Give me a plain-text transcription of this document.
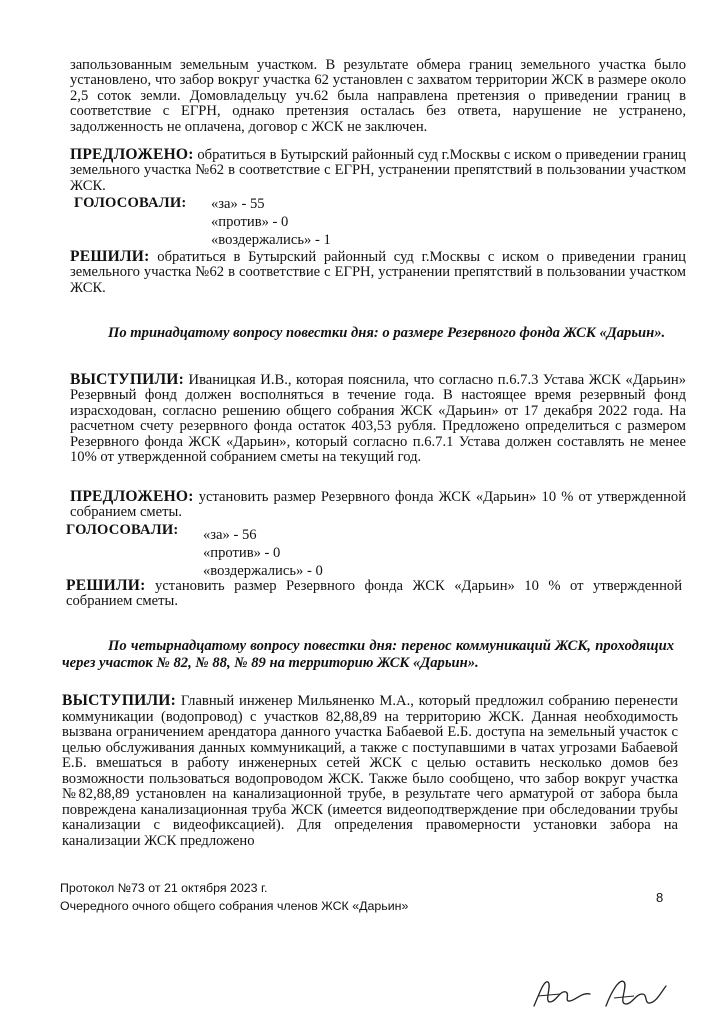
запользованным земельным участком. В результате обмера границ земельного участка было установлено, что забор вокруг участка 62 установлен с захватом территории ЖСК в размере около 2,5 соток земли. Домовладельцу уч.62 была направлена претензия о приведении границ в соответствие с ЕГРН, однако претензия осталась без ответа, нарушение не устранено, задолженность не оплачена, договор с ЖСК не заключен.
ПРЕДЛОЖЕНО: обратиться в Бутырский районный суд г.Москвы с иском о приведении границ земельного участка №62 в соответствие с ЕГРН, устранении препятствий в пользовании участком ЖСК.
ГОЛОСОВАЛИ: «за» - 55
«против» - 0
«воздержались» - 1
РЕШИЛИ: обратиться в Бутырский районный суд г.Москвы с иском о приведении границ земельного участка №62 в соответствие с ЕГРН, устранении препятствий в пользовании участком ЖСК.
По тринадцатому вопросу повестки дня: о размере Резервного фонда ЖСК «Дарьин».
ВЫСТУПИЛИ: Иваницкая И.В., которая пояснила, что согласно п.6.7.3 Устава ЖСК «Дарьин» Резервный фонд должен восполняться в течение года. В настоящее время резервный фонд израсходован, согласно решению общего собрания ЖСК «Дарьин» от 17 декабря 2022 года. На расчетном счету резервного фонда остаток 403,53 рубля. Предложено определиться с размером Резервного фонда ЖСК «Дарьин», который согласно п.6.7.1 Устава должен составлять не менее 10% от утвержденной собранием сметы на текущий год.
ПРЕДЛОЖЕНО: установить размер Резервного фонда ЖСК «Дарьин» 10 % от утвержденной собранием сметы.
ГОЛОСОВАЛИ: «за» - 56
«против» - 0
«воздержались» - 0
РЕШИЛИ: установить размер Резервного фонда ЖСК «Дарьин» 10 % от утвержденной собранием сметы.
По четырнадцатому вопросу повестки дня: перенос коммуникаций ЖСК, проходящих через участок № 82, № 88, № 89 на территорию ЖСК «Дарьин».
ВЫСТУПИЛИ: Главный инженер Мильяненко М.А., который предложил собранию перенести коммуникации (водопровод) с участков 82,88,89 на территорию ЖСК. Данная необходимость вызвана ограничением арендатора данного участка Бабаевой Е.Б. доступа на земельный участок с целью обслуживания данных коммуникаций, а также с поступавшими в чатах угрозами Бабаевой Е.Б. вмешаться в работу инженерных сетей ЖСК с целью оставить несколько домов без возможности пользоваться водопроводом ЖСК. Также было сообщено, что забор вокруг участка №82,88,89 установлен на канализационной трубе, в результате чего арматурой от забора была повреждена канализационная труба ЖСК (имеется видеоподтверждение при обследовании трубы канализации с видеофиксацией). Для определения правомерности установки забора на канализации ЖСК предложено
Протокол №73 от 21 октября 2023 г.
Очередного очного общего собрания членов ЖСК «Дарьин»
8
